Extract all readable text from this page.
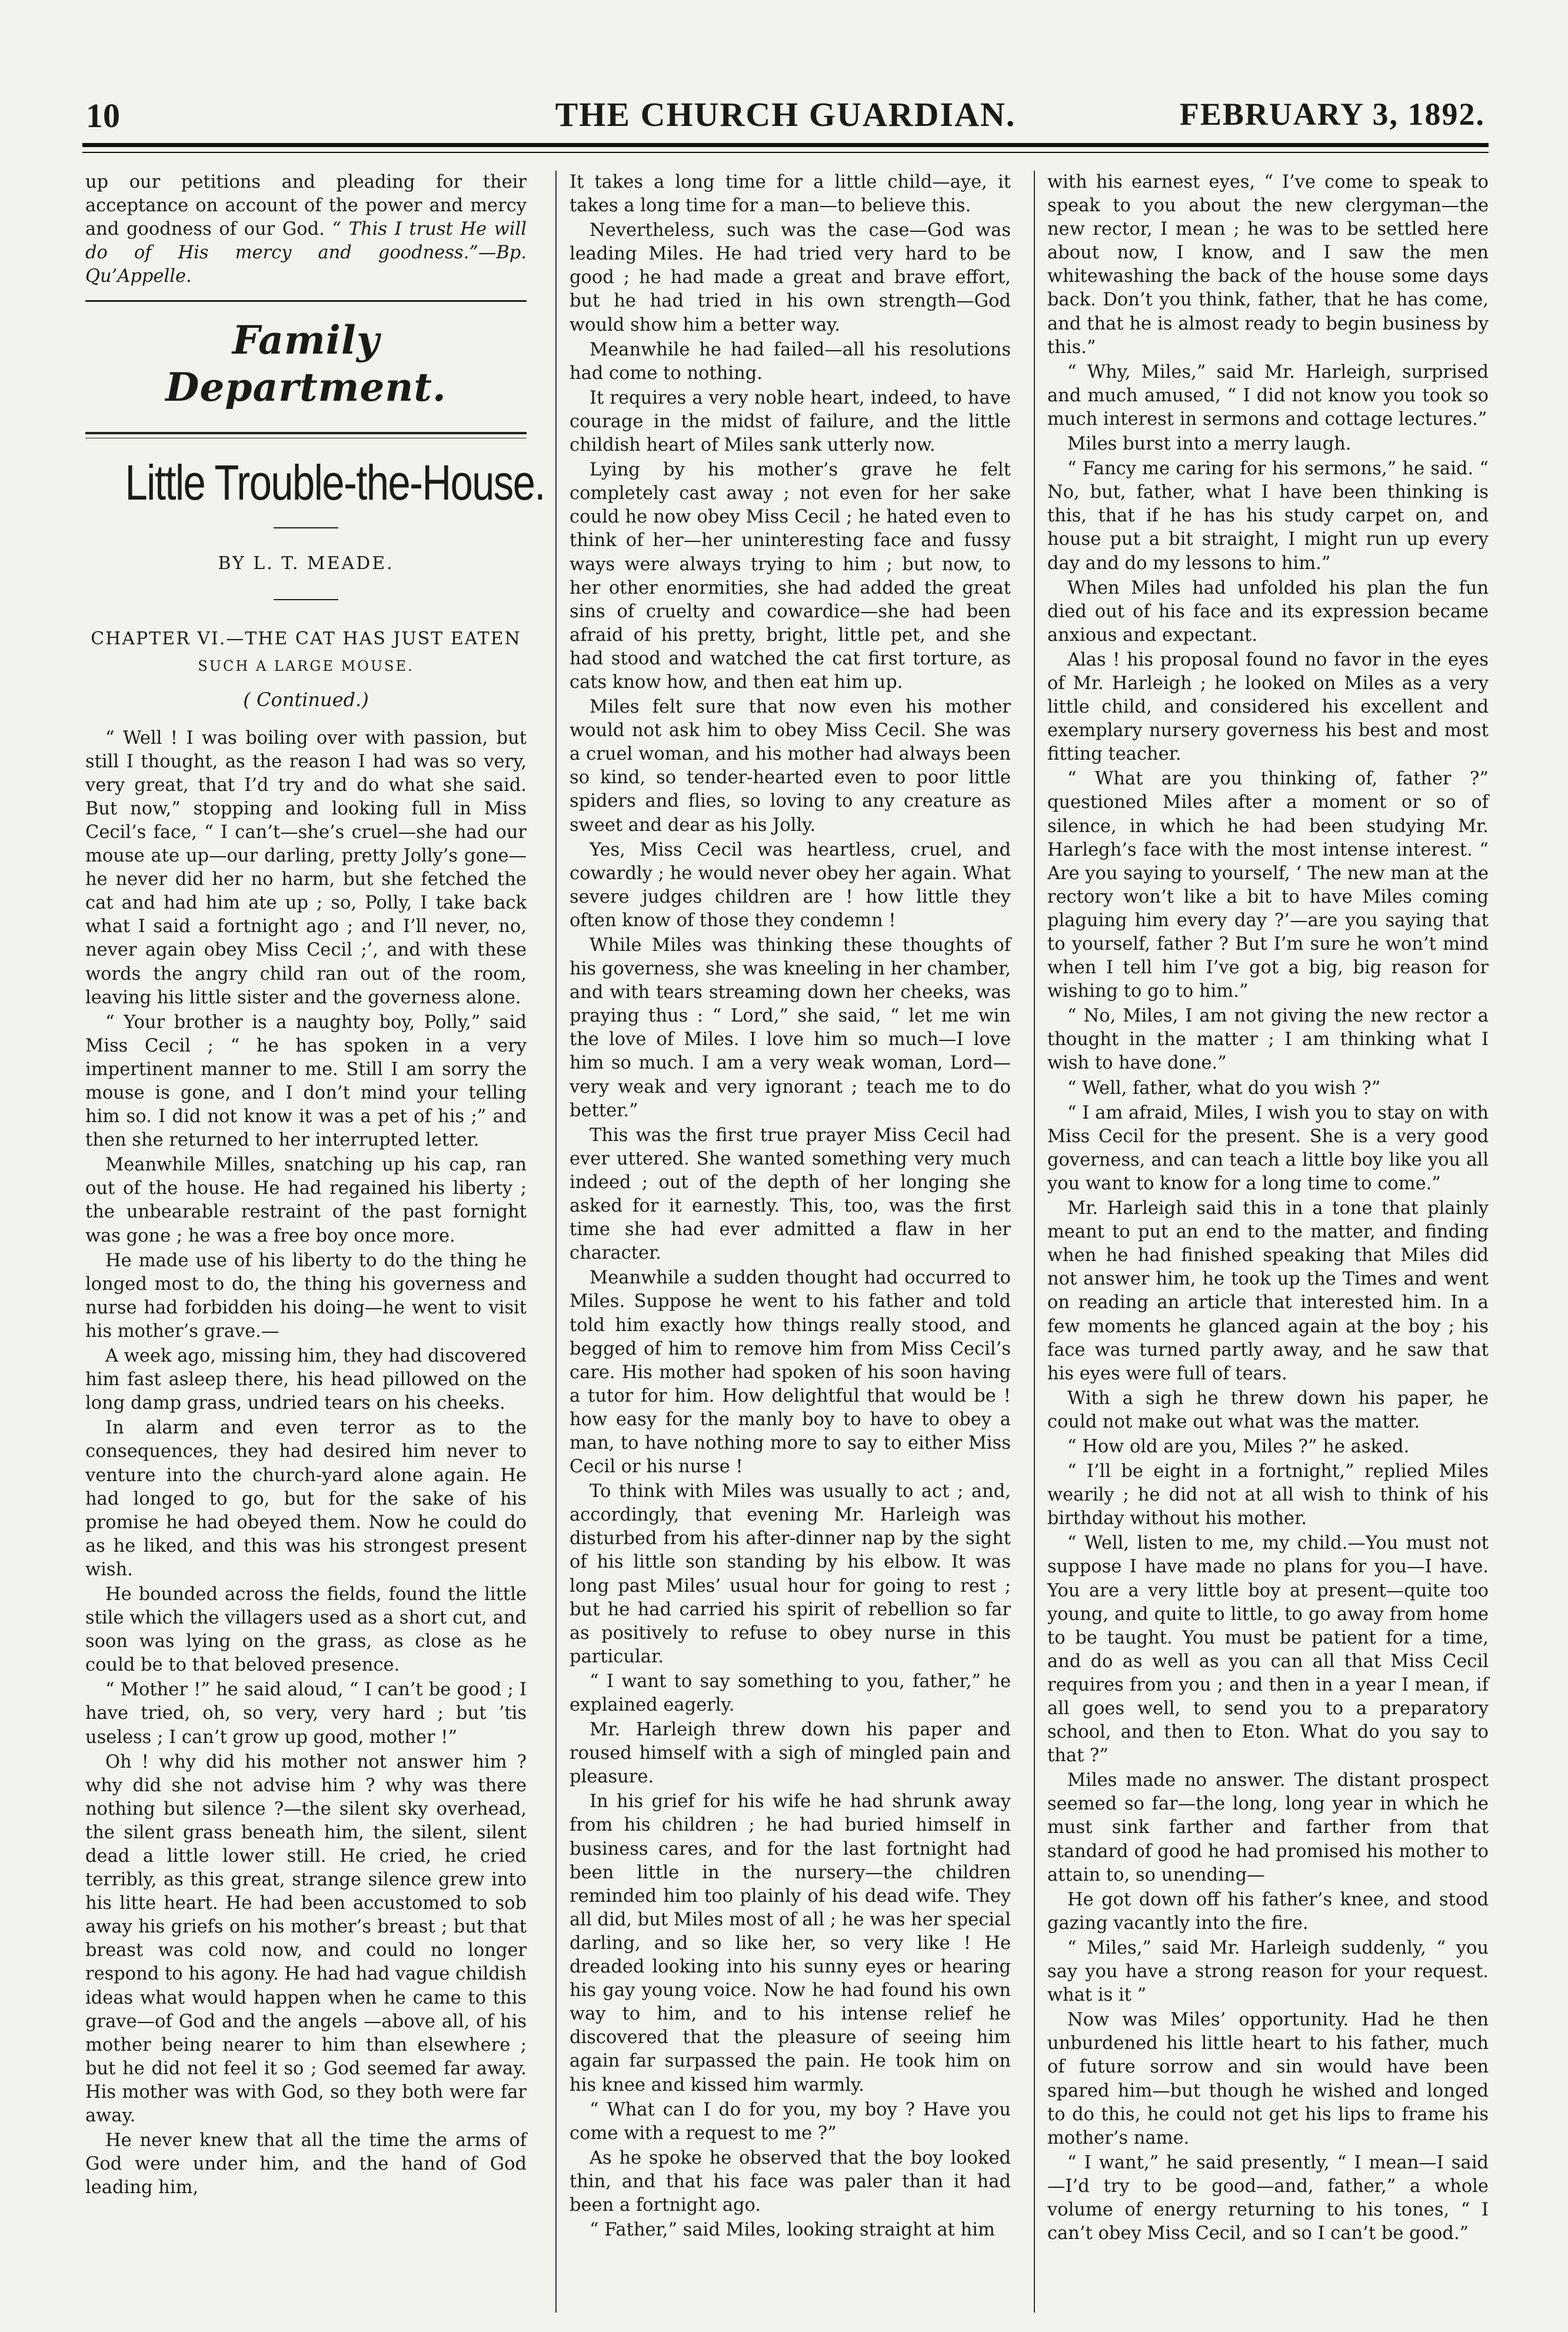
10	THE CHURCH GUARDIAN.	FEBRUARY 3, 1892.

up our petitions and pleading for their acceptance on account of the power and mercy and goodness of our God. “ This I trust He will do of His mercy and goodness.”—Bp. Qu’Appelle.

Family Department.
Little Trouble-the-House.
BY L. T. MEADE.
CHAPTER VI.—THE CAT HAS JUST EATEN
SUCH A LARGE MOUSE.
( Continued.)

“ Well ! I was boiling over with passion, but still I thought, as the reason I had was so very, very great, that I’d try and do what she said. But now,” stopping and looking full in Miss Cecil’s face, “ I can’t—she’s cruel—she had our mouse ate up—our darling, pretty Jolly’s gone—he never did her no harm, but she fetched the cat and had him ate up ; so, Polly, I take back what I said a fortnight ago ; and I’ll never, no, never again obey Miss Cecil ;’, and with these words the angry child ran out of the room, leaving his little sister and the governess alone.

“ Your brother is a naughty boy, Polly,” said Miss Cecil ; “ he has spoken in a very impertinent manner to me. Still I am sorry the mouse is gone, and I don’t mind your telling him so. I did not know it was a pet of his ;” and then she returned to her interrupted letter.

Meanwhile Milles, snatching up his cap, ran out of the house. He had regained his liberty ; the unbearable restraint of the past fornight was gone ; he was a free boy once more.

He made use of his liberty to do the thing he longed most to do, the thing his governess and nurse had forbidden his doing—he went to visit his mother’s grave.—

A week ago, missing him, they had discovered him fast asleep there, his head pillowed on the long damp grass, undried tears on his cheeks.

In alarm and even terror as to the consequences, they had desired him never to venture into the church-yard alone again. He had longed to go, but for the sake of his promise he had obeyed them. Now he could do as he liked, and this was his strongest present wish.

He bounded across the fields, found the little stile which the villagers used as a short cut, and soon was lying on the grass, as close as he could be to that beloved presence.

“ Mother !” he said aloud, “ I can’t be good ; I have tried, oh, so very, very hard ; but ’tis useless ; I can’t grow up good, mother !”

Oh ! why did his mother not answer him ? why did she not advise him ? why was there nothing but silence ?—the silent sky overhead, the silent grass beneath him, the silent, silent dead a little lower still. He cried, he cried terribly, as this great, strange silence grew into his litte heart. He had been accustomed to sob away his griefs on his mother’s breast ; but that breast was cold now, and could no longer respond to his agony. He had had vague childish ideas what would happen when he came to this grave—of God and the angels —above all, of his mother being nearer to him than elsewhere ; but he did not feel it so ; God seemed far away. His mother was with God, so they both were far away.

He never knew that all the time the arms of God were under him, and the hand of God leading him,

It takes a long time for a little child—aye, it takes a long time for a man—to believe this.

Nevertheless, such was the case—God was leading Miles. He had tried very hard to be good ; he had made a great and brave effort, but he had tried in his own strength—God would show him a better way.

Meanwhile he had failed—all his resolutions had come to nothing.

It requires a very noble heart, indeed, to have courage in the midst of failure, and the little childish heart of Miles sank utterly now.

Lying by his mother’s grave he felt completely cast away ; not even for her sake could he now obey Miss Cecil ; he hated even to think of her—her uninteresting face and fussy ways were always trying to him ; but now, to her other enormities, she had added the great sins of cruelty and cowardice—she had been afraid of his pretty, bright, little pet, and she had stood and watched the cat first torture, as cats know how, and then eat him up.

Miles felt sure that now even his mother would not ask him to obey Miss Cecil. She was a cruel woman, and his mother had always been so kind, so tender-hearted even to poor little spiders and flies, so loving to any creature as sweet and dear as his Jolly.

Yes, Miss Cecil was heartless, cruel, and cowardly ; he would never obey her again. What severe judges children are ! how little they often know of those they condemn !

While Miles was thinking these thoughts of his governess, she was kneeling in her chamber, and with tears streaming down her cheeks, was praying thus : “ Lord,” she said, “ let me win the love of Miles. I love him so much—I love him so much. I am a very weak woman, Lord—very weak and very ignorant ; teach me to do better.”

This was the first true prayer Miss Cecil had ever uttered. She wanted something very much indeed ; out of the depth of her longing she asked for it earnestly. This, too, was the first time she had ever admitted a flaw in her character.

Meanwhile a sudden thought had occurred to Miles. Suppose he went to his father and told told him exactly how things really stood, and begged of him to remove him from Miss Cecil’s care. His mother had spoken of his soon having a tutor for him. How delightful that would be ! how easy for the manly boy to have to obey a man, to have nothing more to say to either Miss Cecil or his nurse !

To think with Miles was usually to act ; and, accordingly, that evening Mr. Harleigh was disturbed from his after-dinner nap by the sight of his little son standing by his elbow. It was long past Miles’ usual hour for going to rest ; but he had carried his spirit of rebellion so far as positively to refuse to obey nurse in this particular.

“ I want to say something to you, father,” he explained eagerly.

Mr. Harleigh threw down his paper and roused himself with a sigh of mingled pain and pleasure.

In his grief for his wife he had shrunk away from his children ; he had buried himself in business cares, and for the last fortnight had been little in the nursery—the children reminded him too plainly of his dead wife. They all did, but Miles most of all ; he was her special darling, and so like her, so very like ! He dreaded looking into his sunny eyes or hearing his gay young voice. Now he had found his own way to him, and to his intense relief he discovered that the pleasure of seeing him again far surpassed the pain. He took him on his knee and kissed him warmly.

“ What can I do for you, my boy ? Have you come with a request to me ?”

As he spoke he observed that the boy looked thin, and that his face was paler than it had been a fortnight ago.

“ Father,” said Miles, looking straight at him

with his earnest eyes, “ I’ve come to speak to speak to you about the new clergyman—the new rector, I mean ; he was to be settled here about now, I know, and I saw the men whitewashing the back of the house some days back. Don’t you think, father, that he has come, and that he is almost ready to begin business by this.”

“ Why, Miles,” said Mr. Harleigh, surprised and much amused, “ I did not know you took so much interest in sermons and cottage lectures.”

Miles burst into a merry laugh.

“ Fancy me caring for his sermons,” he said. “ No, but, father, what I have been thinking is this, that if he has his study carpet on, and house put a bit straight, I might run up every day and do my lessons to him.”

When Miles had unfolded his plan the fun died out of his face and its expression became anxious and expectant.

Alas ! his proposal found no favor in the eyes of Mr. Harleigh ; he looked on Miles as a very little child, and considered his excellent and exemplary nursery governess his best and most fitting teacher.

“ What are you thinking of, father ?” questioned Miles after a moment or so of silence, in which he had been studying Mr. Harlegh’s face with the most intense interest. “ Are you saying to yourself, ‘ The new man at the rectory won’t like a bit to have Miles coming plaguing him every day ?’—are you saying that to yourself, father ? But I’m sure he won’t mind when I tell him I’ve got a big, big reason for wishing to go to him.”

“ No, Miles, I am not giving the new rector a thought in the matter ; I am thinking what I wish to have done.”

“ Well, father, what do you wish ?”

“ I am afraid, Miles, I wish you to stay on with Miss Cecil for the present. She is a very good governess, and can teach a little boy like you all you want to know for a long time to come.”

Mr. Harleigh said this in a tone that plainly meant to put an end to the matter, and finding when he had finished speaking that Miles did not answer him, he took up the Times and went on reading an article that interested him. In a few moments he glanced again at the boy ; his face was turned partly away, and he saw that his eyes were full of tears.

With a sigh he threw down his paper, he could not make out what was the matter.

“ How old are you, Miles ?” he asked.

“ I’ll be eight in a fortnight,” replied Miles wearily ; he did not at all wish to think of his birthday without his mother.

“ Well, listen to me, my child.—You must not suppose I have made no plans for you—I have. You are a very little boy at present—quite too young, and quite to little, to go away from home to be taught. You must be patient for a time, and do as well as you can all that Miss Cecil requires from you ; and then in a year I mean, if all goes well, to send you to a preparatory school, and then to Eton. What do you say to that ?”

Miles made no answer. The distant prospect seemed so far—the long, long year in which he must sink farther and farther from that standard of good he had promised his mother to attain to, so unending—

He got down off his father’s knee, and stood gazing vacantly into the fire.

“ Miles,” said Mr. Harleigh suddenly, “ you say you have a strong reason for your request. what is it ”

Now was Miles’ opportunity. Had he then unburdened his little heart to his father, much of future sorrow and sin would have been spared him—but though he wished and longed to do this, he could not get his lips to frame his mother’s name.

“ I want,” he said presently, “ I mean—I said—I’d try to be good—and, father,” a whole volume of energy returning to his tones, “ I can’t obey Miss Cecil, and so I can’t be good.”
